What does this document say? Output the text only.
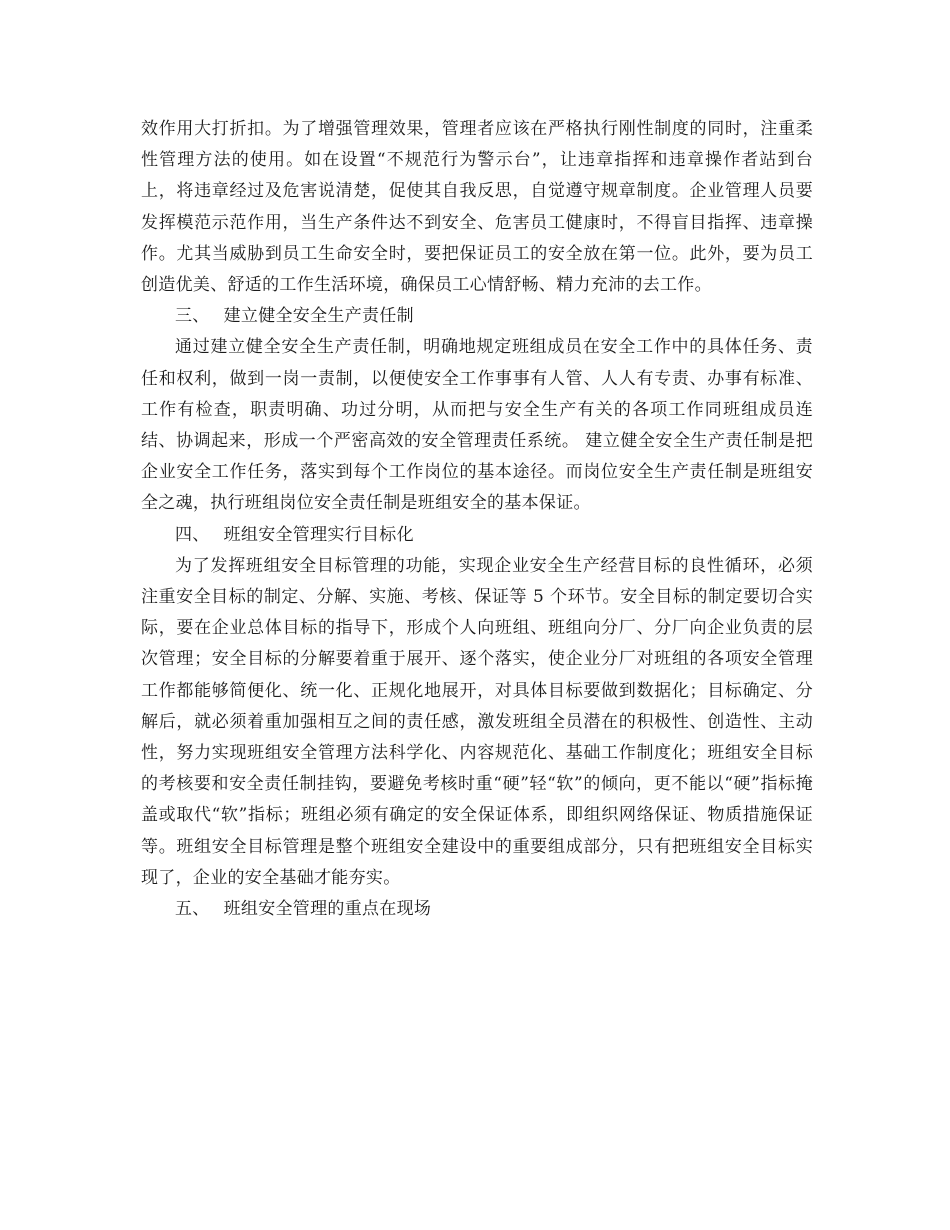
效作用大打折扣。为了增强管理效果，管理者应该在严格执行刚性制度的同时，注重柔性管理方法的使用。如在设置“不规范行为警示台”，让违章指挥和违章操作者站到台上，将违章经过及危害说清楚，促使其自我反思，自觉遵守规章制度。企业管理人员要发挥模范示范作用，当生产条件达不到安全、危害员工健康时，不得盲目指挥、违章操作。尤其当威胁到员工生命安全时，要把保证员工的安全放在第一位。此外，要为员工创造优美、舒适的工作生活环境，确保员工心情舒畅、精力充沛的去工作。

三、 建立健全安全生产责任制

通过建立健全安全生产责任制，明确地规定班组成员在安全工作中的具体任务、责任和权利，做到一岗一责制，以便使安全工作事事有人管、人人有专责、办事有标准、工作有检查，职责明确、功过分明，从而把与安全生产有关的各项工作同班组成员连结、协调起来，形成一个严密高效的安全管理责任系统。 建立健全安全生产责任制是把企业安全工作任务，落实到每个工作岗位的基本途径。而岗位安全生产责任制是班组安全之魂，执行班组岗位安全责任制是班组安全的基本保证。

四、 班组安全管理实行目标化

为了发挥班组安全目标管理的功能，实现企业安全生产经营目标的良性循环，必须注重安全目标的制定、分解、实施、考核、保证等 5 个环节。安全目标的制定要切合实际，要在企业总体目标的指导下，形成个人向班组、班组向分厂、分厂向企业负责的层次管理；安全目标的分解要着重于展开、逐个落实，使企业分厂对班组的各项安全管理工作都能够简便化、统一化、正规化地展开，对具体目标要做到数据化；目标确定、分解后，就必须着重加强相互之间的责任感，激发班组全员潜在的积极性、创造性、主动性，努力实现班组安全管理方法科学化、内容规范化、基础工作制度化；班组安全目标的考核要和安全责任制挂钩，要避免考核时重“硬”轻“软”的倾向，更不能以“硬”指标掩盖或取代“软”指标；班组必须有确定的安全保证体系，即组织网络保证、物质措施保证等。班组安全目标管理是整个班组安全建设中的重要组成部分，只有把班组安全目标实现了，企业的安全基础才能夯实。

五、 班组安全管理的重点在现场
